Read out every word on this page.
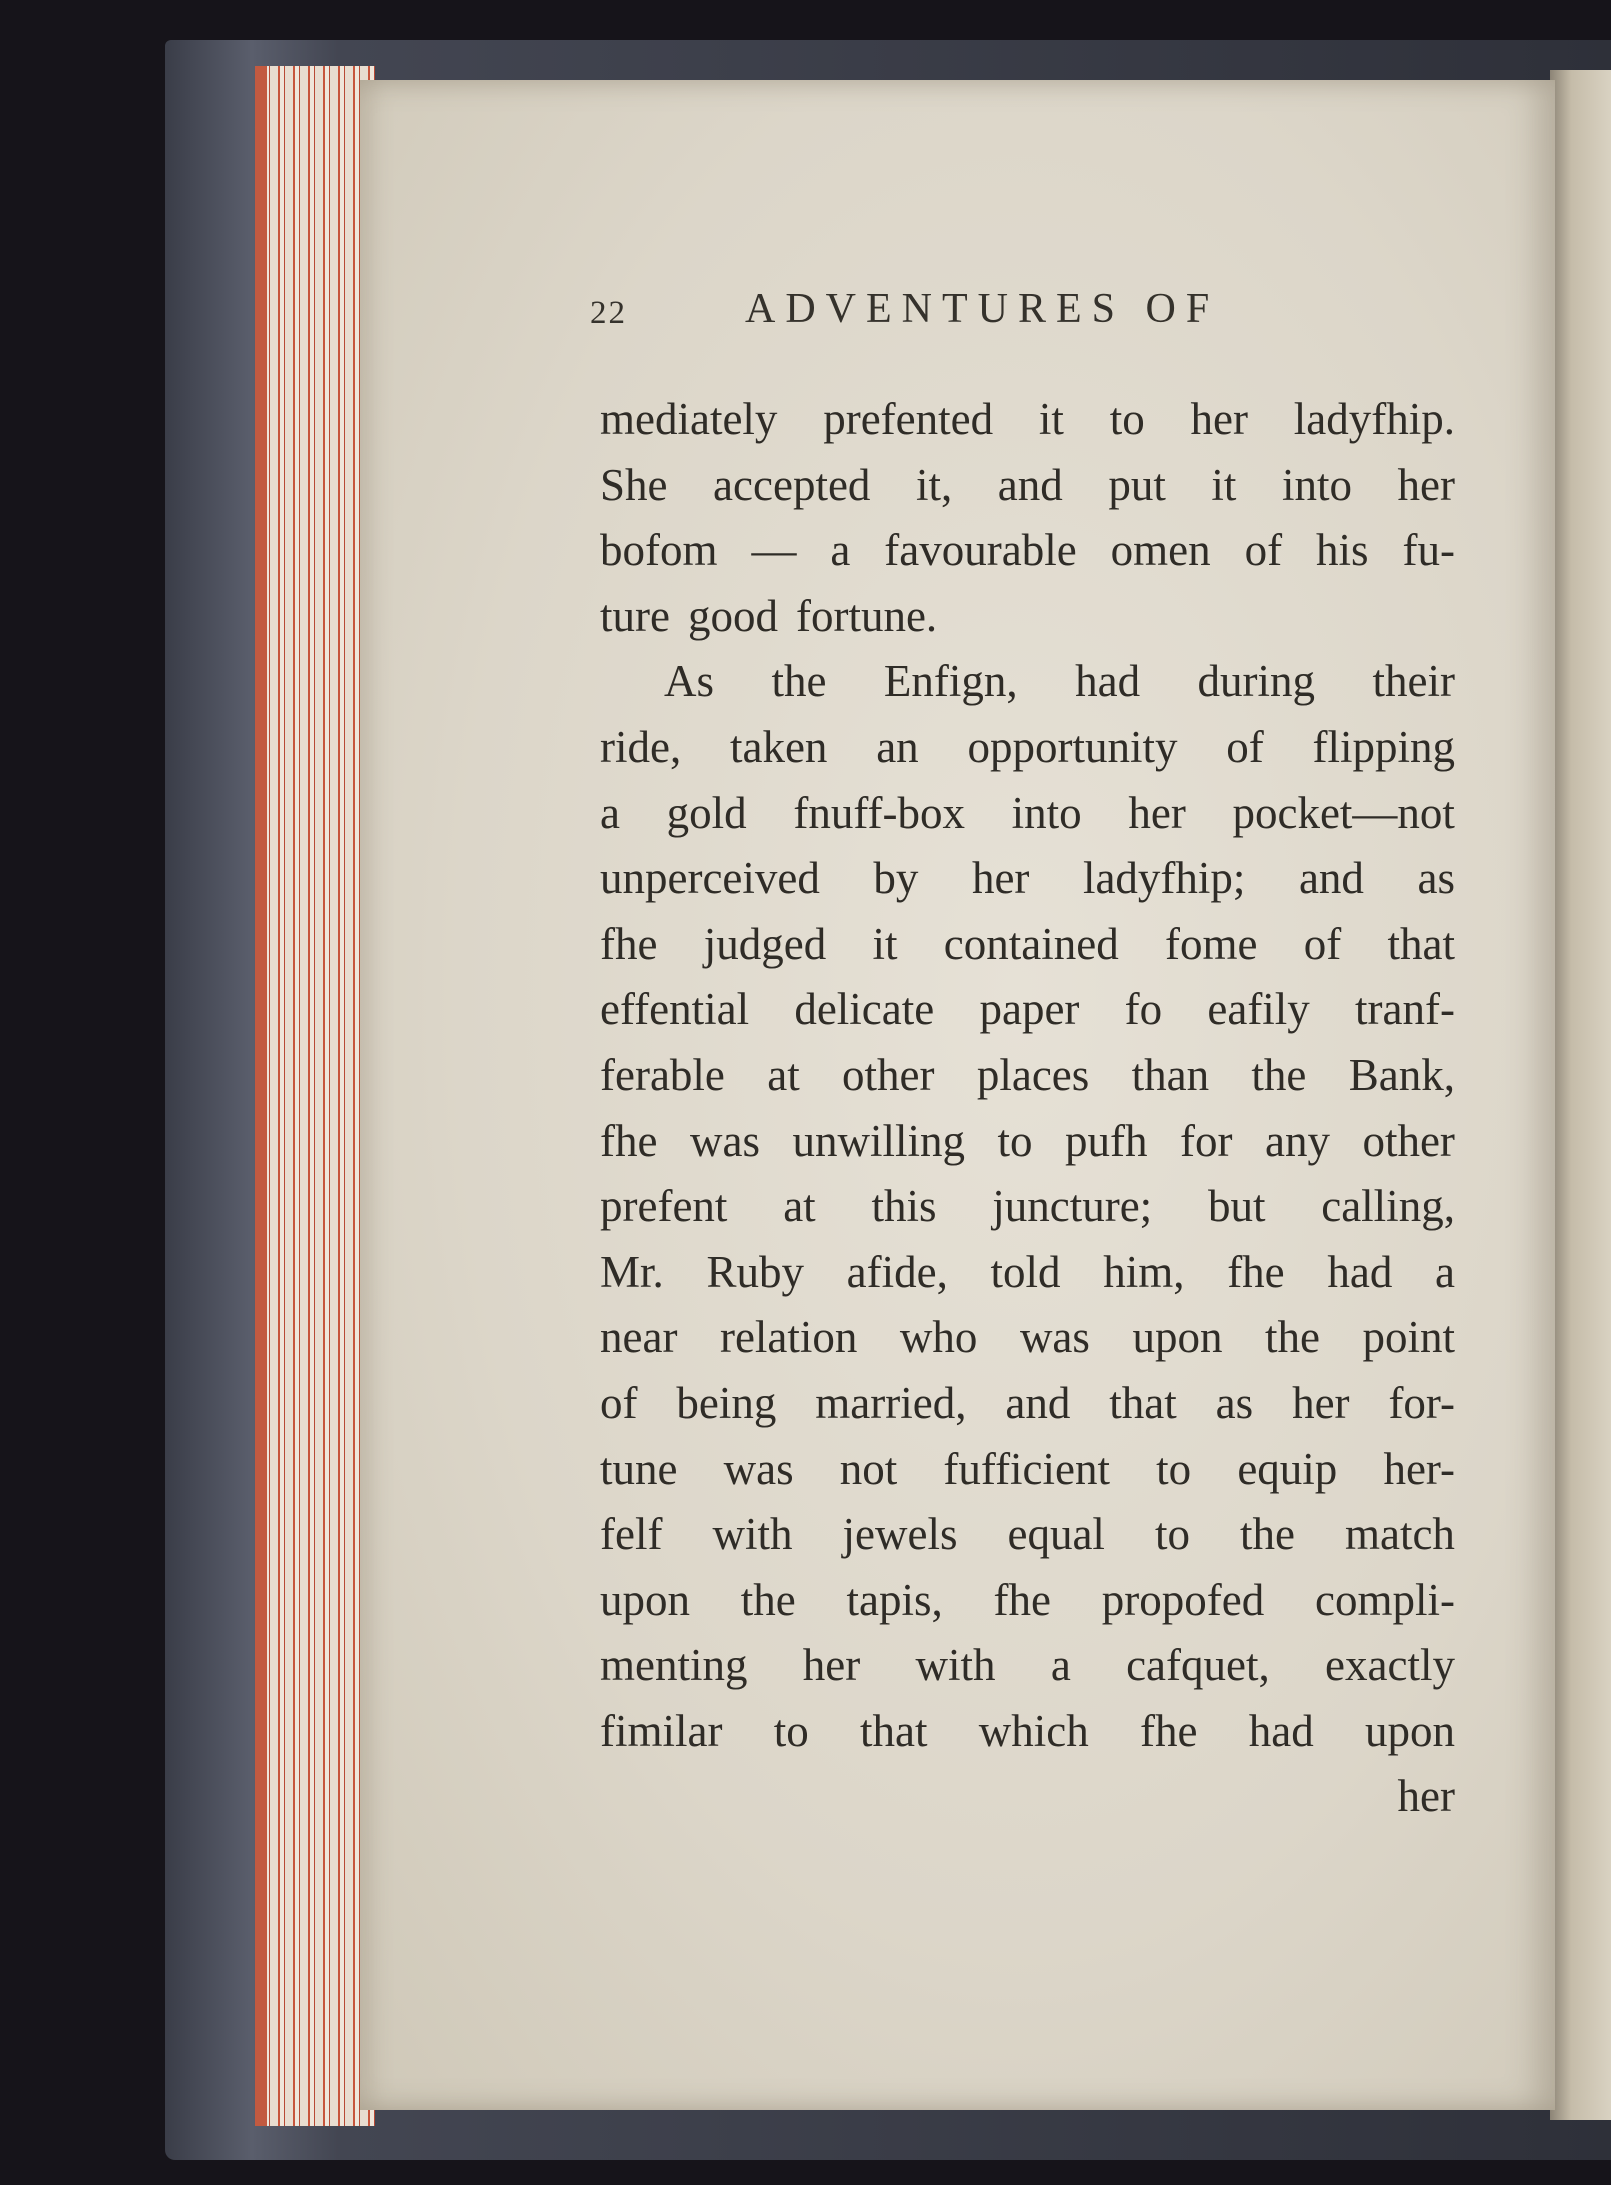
22	ADVENTURES OF
mediately prefented it to her ladyfhip.
She accepted it, and put it into her
bofom — a favourable omen of his fu-
ture good fortune.
As the Enfign, had during their
ride, taken an opportunity of flipping
a gold fnuff-box into her pocket—not
unperceived by her ladyfhip; and as
fhe judged it contained fome of that
effential delicate paper fo eafily tranf-
ferable at other places than the Bank,
fhe was unwilling to pufh for any other
prefent at this juncture; but calling,
Mr. Ruby afide, told him, fhe had a
near relation who was upon the point
of being married, and that as her for-
tune was not fufficient to equip her-
felf with jewels equal to the match
upon the tapis, fhe propofed compli-
menting her with a cafquet, exactly
fimilar to that which fhe had upon
her
